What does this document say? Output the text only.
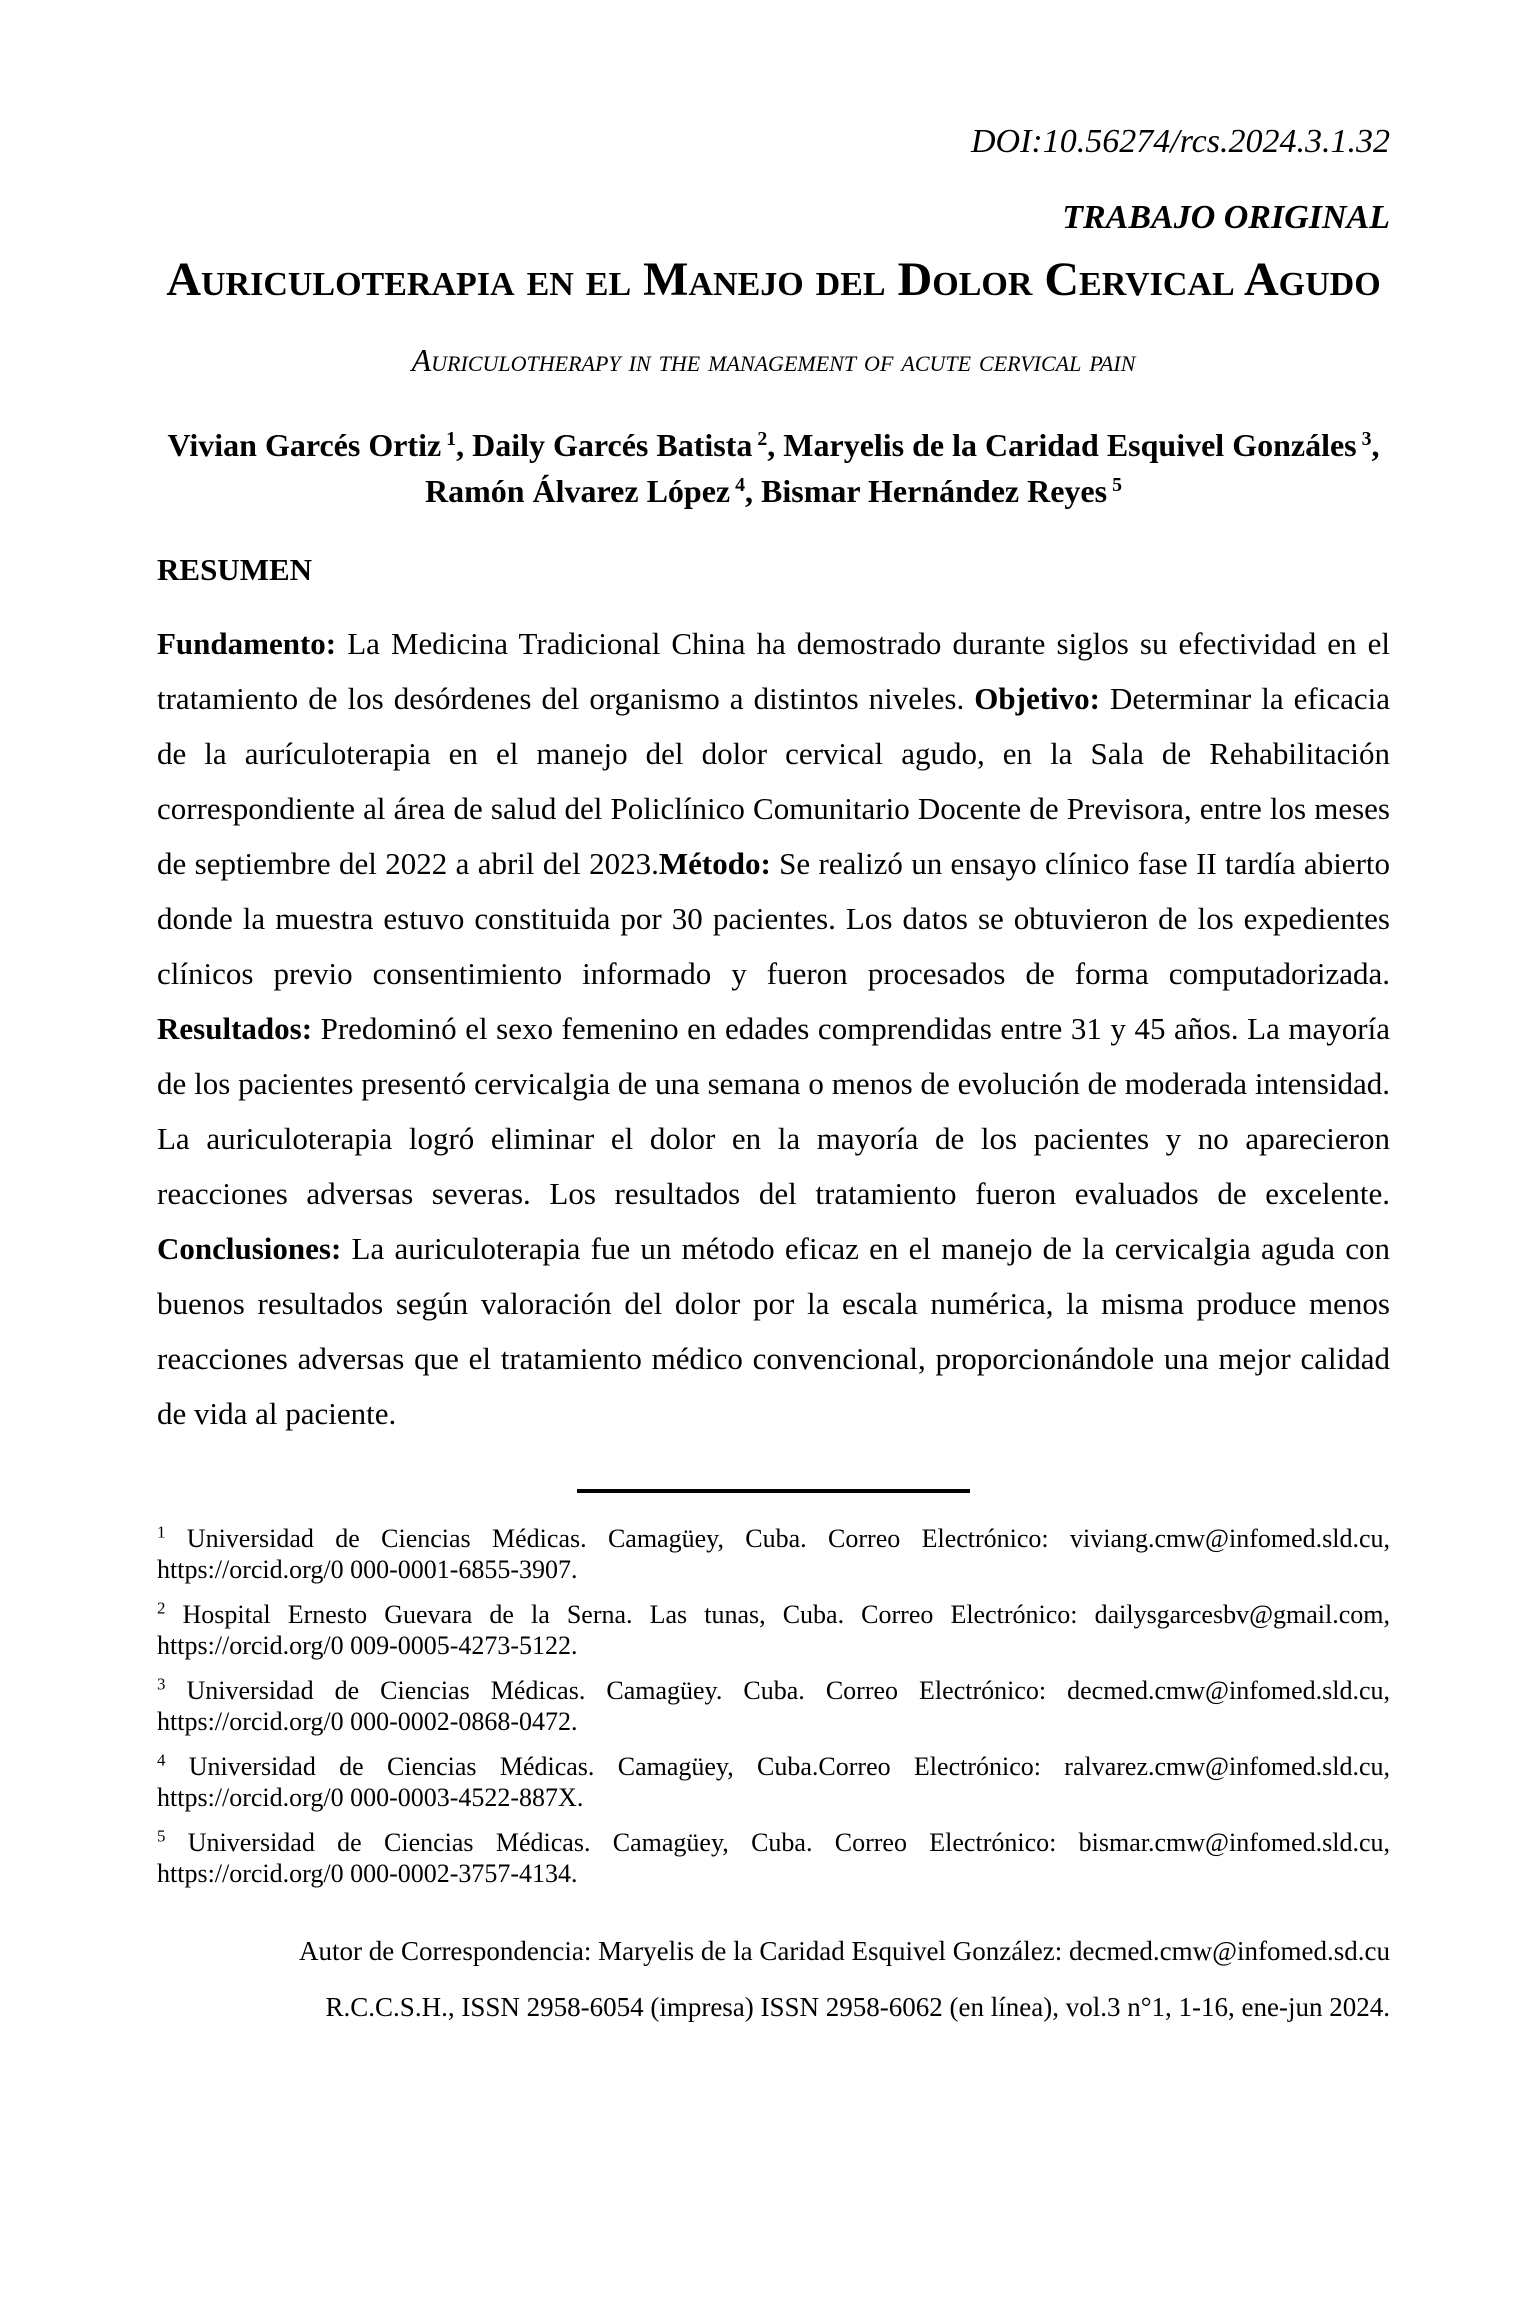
DOI:10.56274/rcs.2024.3.1.32
TRABAJO ORIGINAL
Auriculoterapia en el Manejo del Dolor Cervical Agudo
Auriculotherapy in the management of acute cervical pain
Vivian Garcés Ortiz $^1$, Daily Garcés Batista $^2$, Maryelis de la Caridad Esquivel Gonzáles $^3$, Ramón Álvarez López $^4$, Bismar Hernández Reyes $^5$
RESUMEN

Fundamento: La Medicina Tradicional China ha demostrado durante siglos su efectividad en el tratamiento de los desórdenes del organismo a distintos niveles. Objetivo: Determinar la eficacia de la aurículoterapia en el manejo del dolor cervical agudo, en la Sala de Rehabilitación correspondiente al área de salud del Policlínico Comunitario Docente de Previsora, entre los meses de septiembre del 2022 a abril del 2023.Método: Se realizó un ensayo clínico fase II tardía abierto donde la muestra estuvo constituida por 30 pacientes. Los datos se obtuvieron de los expedientes clínicos previo consentimiento informado y fueron procesados de forma computadorizada. Resultados: Predominó el sexo femenino en edades comprendidas entre 31 y 45 años. La mayoría de los pacientes presentó cervicalgia de una semana o menos de evolución de moderada intensidad. La auriculoterapia logró eliminar el dolor en la mayoría de los pacientes y no aparecieron reacciones adversas severas. Los resultados del tratamiento fueron evaluados de excelente. Conclusiones: La auriculoterapia fue un método eficaz en el manejo de la cervicalgia aguda con buenos resultados según valoración del dolor por la escala numérica, la misma produce menos reacciones adversas que el tratamiento médico convencional, proporcionándole una mejor calidad de vida al paciente.

$^1$ Universidad de Ciencias Médicas. Camagüey, Cuba. Correo Electrónico: viviang.cmw@infomed.sld.cu, https://orcid.org/0 000-0001-6855-3907.

$^2$ Hospital Ernesto Guevara de la Serna. Las tunas, Cuba. Correo Electrónico: dailysgarcesbv@gmail.com, https://orcid.org/0 009-0005-4273-5122.

$^3$ Universidad de Ciencias Médicas. Camagüey. Cuba. Correo Electrónico: decmed.cmw@infomed.sld.cu, https://orcid.org/0 000-0002-0868-0472.

$^4$ Universidad de Ciencias Médicas. Camagüey, Cuba.Correo Electrónico: ralvarez.cmw@infomed.sld.cu, https://orcid.org/0 000-0003-4522-887X.

$^5$ Universidad de Ciencias Médicas. Camagüey, Cuba. Correo Electrónico: bismar.cmw@infomed.sld.cu, https://orcid.org/0 000-0002-3757-4134.

Autor de Correspondencia: Maryelis de la Caridad Esquivel González: decmed.cmw@infomed.sd.cu
R.C.C.S.H., ISSN 2958-6054 (impresa) ISSN 2958-6062 (en línea), vol.3 n°1, 1-16, ene-jun 2024.
